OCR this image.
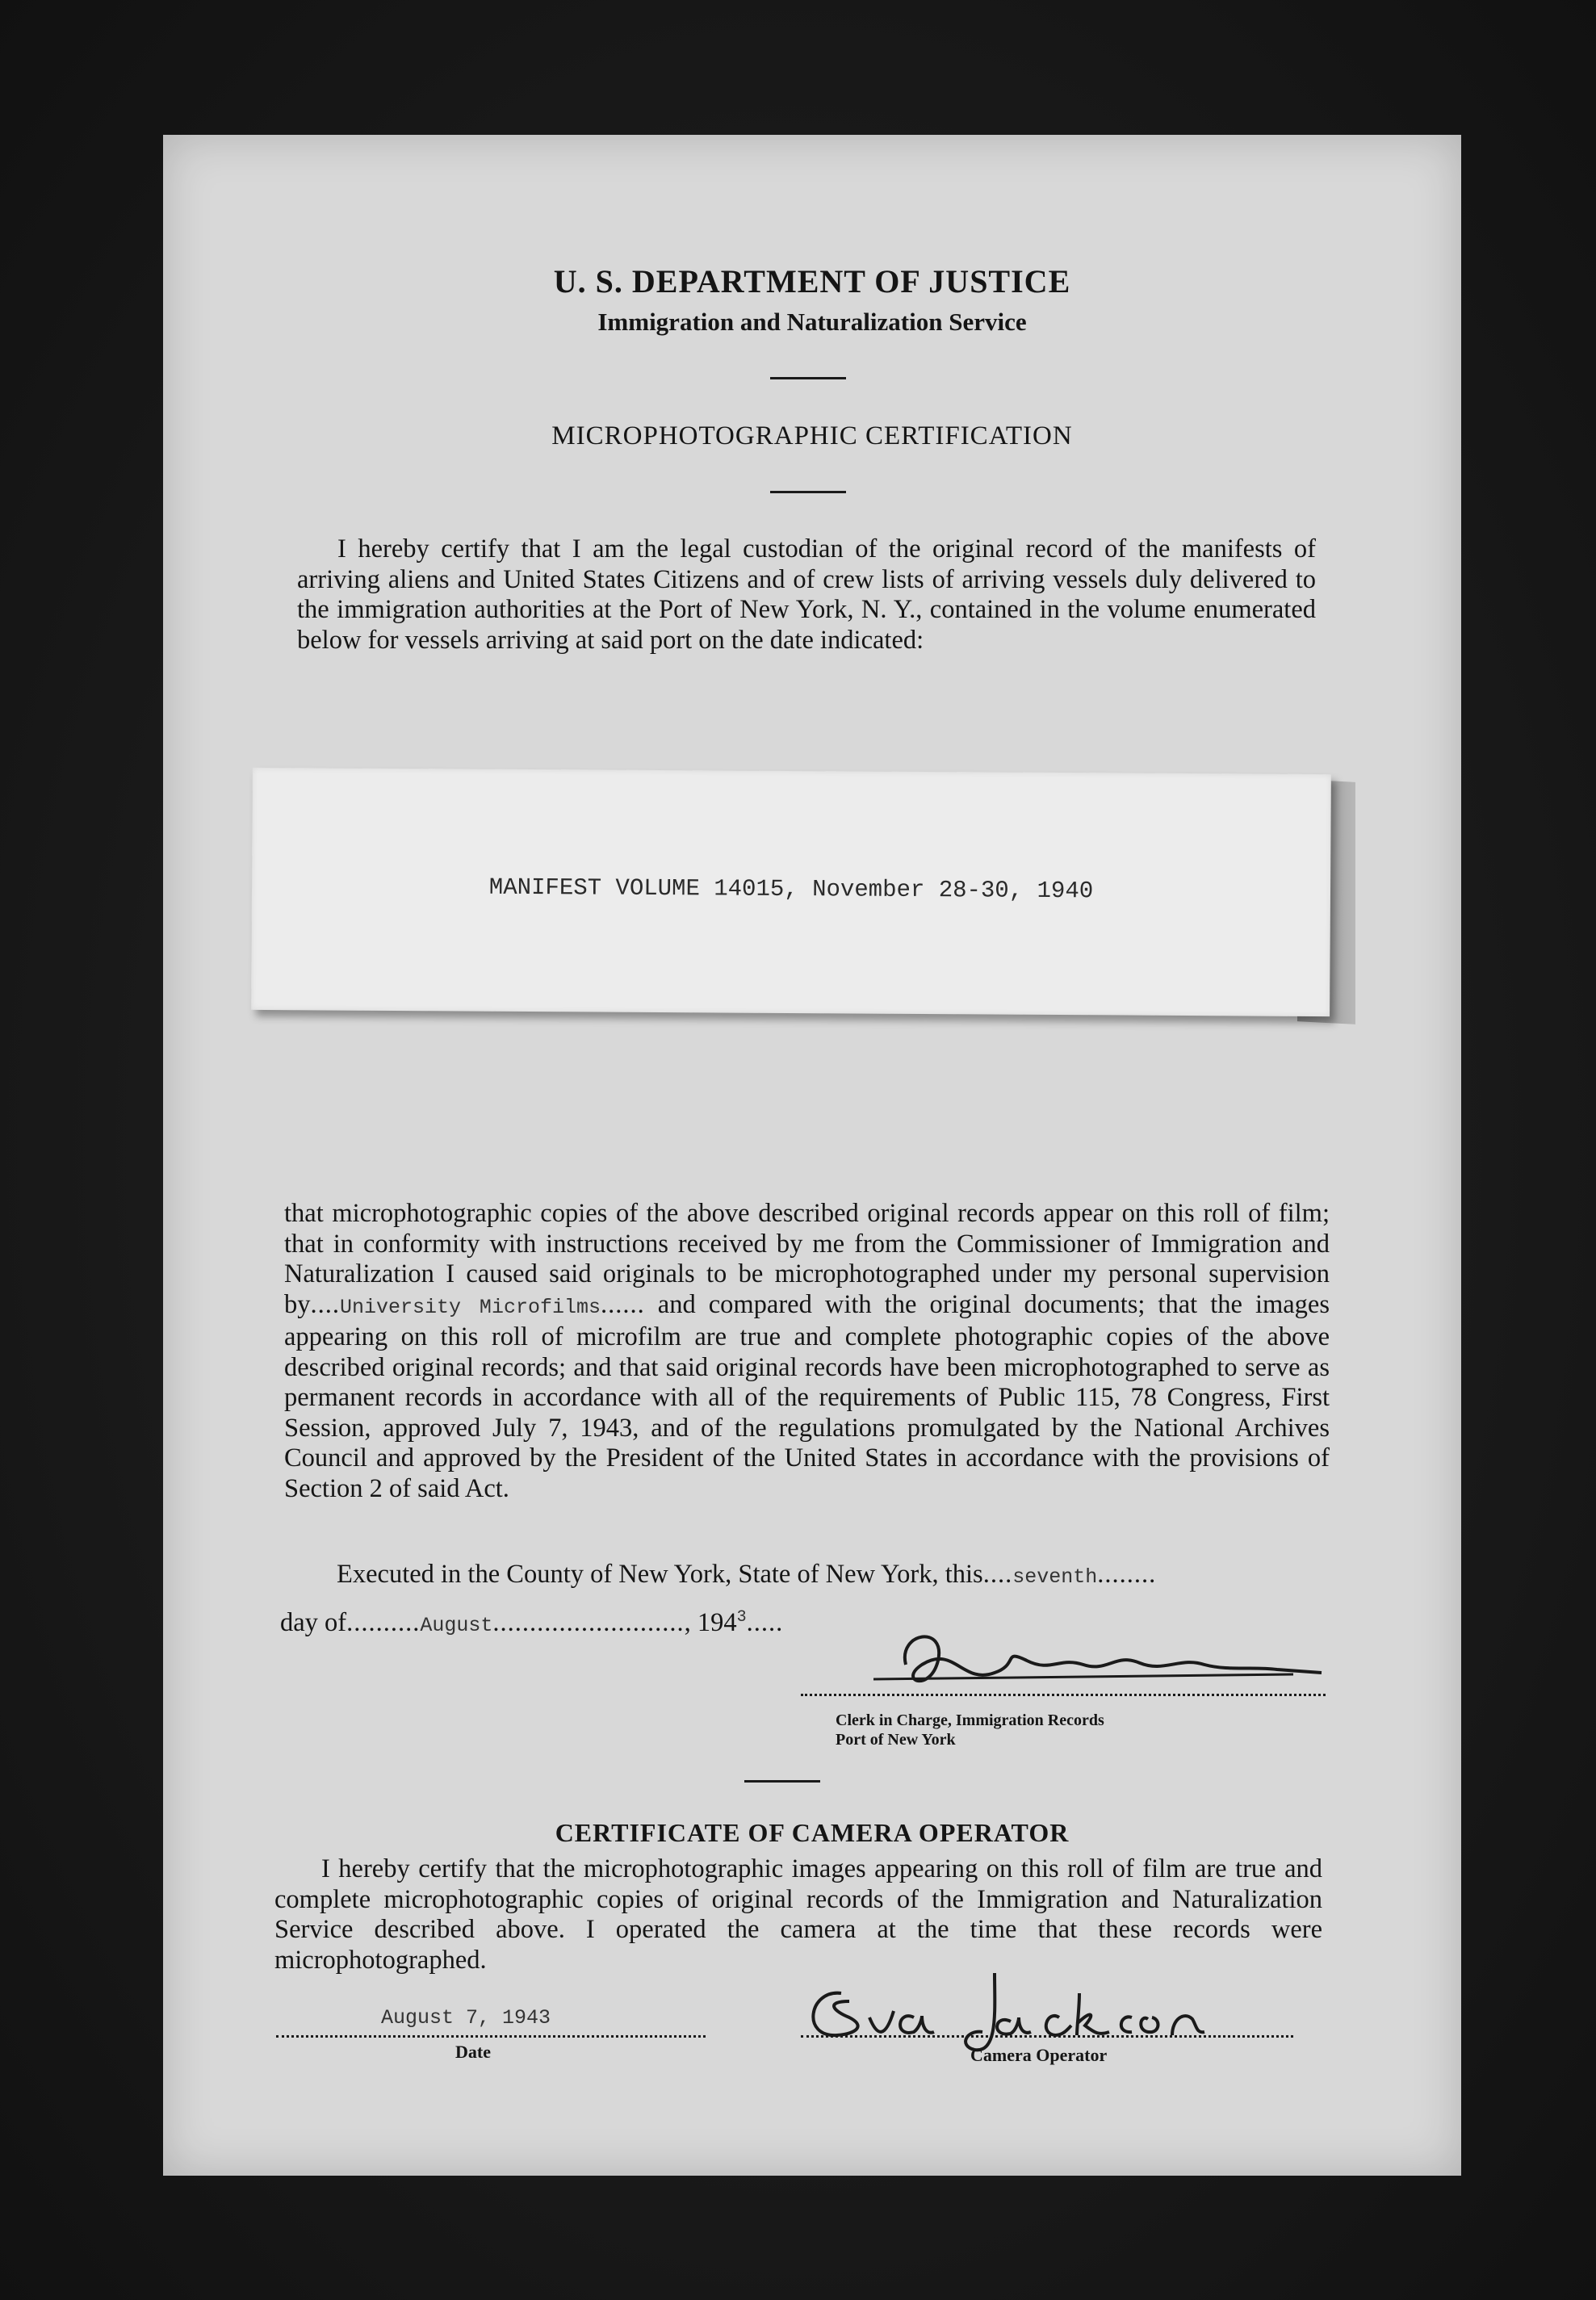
U. S. DEPARTMENT OF JUSTICE
Immigration and Naturalization Service
MICROPHOTOGRAPHIC CERTIFICATION
I hereby certify that I am the legal custodian of the original record of the manifests of arriving aliens and United States Citizens and of crew lists of arriving vessels duly delivered to the immigration authorities at the Port of New York, N. Y., contained in the volume enumerated below for vessels arriving at said port on the date indicated:
MANIFEST VOLUME 14015, November 28-30, 1940
that microphotographic copies of the above described original records appear on this roll of film; that in conformity with instructions received by me from the Commissioner of Immigration and Naturalization I caused said originals to be microphotographed under my personal supervision by....University Microfilms...... and compared with the original documents; that the images appearing on this roll of microfilm are true and complete photographic copies of the above described original records; and that said original records have been microphotographed to serve as permanent records in accordance with all of the requirements of Public 115, 78 Congress, First Session, approved July 7, 1943, and of the regulations promulgated by the National Archives Council and approved by the President of the United States in accordance with the provisions of Section 2 of said Act.
Executed in the County of New York, State of New York, this....seventh........
day of..........August.........................., $194^3$.....
Clerk in Charge, Immigration Records
Port of New York
CERTIFICATE OF CAMERA OPERATOR
I hereby certify that the microphotographic images appearing on this roll of film are true and complete microphotographic copies of original records of the Immigration and Naturalization Service described above. I operated the camera at the time that these records were microphotographed.
August 7, 1943
Date	Camera Operator
